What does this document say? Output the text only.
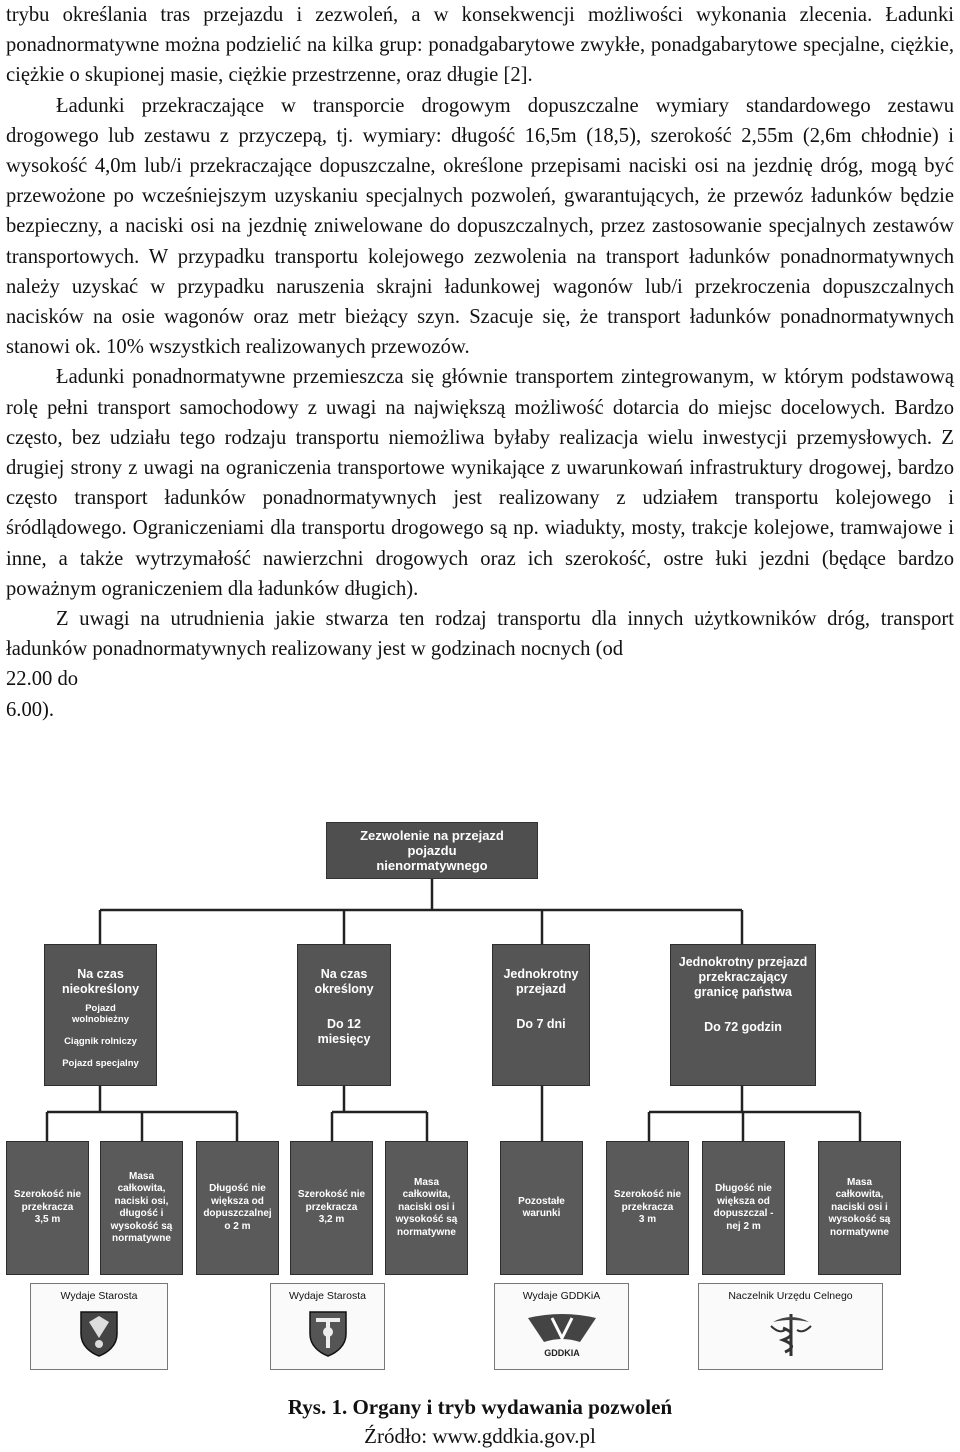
trybu określania tras przejazdu i zezwoleń, a w konsekwencji możliwości wykonania zlecenia. Ładunki ponadnormatywne można podzielić na kilka grup: ponadgabarytowe zwykłe, ponadgabarytowe specjalne, ciężkie, ciężkie o skupionej masie, ciężkie przestrzenne, oraz długie [2].

Ładunki przekraczające w transporcie drogowym dopuszczalne wymiary standardowego zestawu drogowego lub zestawu z przyczepą, tj. wymiary: długość 16,5m (18,5), szerokość 2,55m (2,6m chłodnie) i wysokość 4,0m lub/i przekraczające dopuszczalne, określone przepisami naciski osi na jezdnię dróg, mogą być przewożone po wcześniejszym uzyskaniu specjalnych pozwoleń, gwarantujących, że przewóz ładunków będzie bezpieczny, a naciski osi na jezdnię zniwelowane do dopuszczalnych, przez zastosowanie specjalnych zestawów transportowych. W przypadku transportu kolejowego zezwolenia na transport ładunków ponadnormatywnych należy uzyskać w przypadku naruszenia skrajni ładunkowej wagonów lub/i przekroczenia dopuszczalnych nacisków na osie wagonów oraz metr bieżący szyn. Szacuje się, że transport ładunków ponadnormatywnych stanowi ok. 10% wszystkich realizowanych przewozów.

Ładunki ponadnormatywne przemieszcza się głównie transportem zintegrowanym, w którym podstawową rolę pełni transport samochodowy z uwagi na największą możliwość dotarcia do miejsc docelowych. Bardzo często, bez udziału tego rodzaju transportu niemożliwa byłaby realizacja wielu inwestycji przemysłowych. Z drugiej strony z uwagi na ograniczenia transportowe wynikające z uwarunkowań infrastruktury drogowej, bardzo często transport ładunków ponadnormatywnych jest realizowany z udziałem transportu kolejowego i śródlądowego. Ograniczeniami dla transportu drogowego są np. wiadukty, mosty, trakcje kolejowe, tramwajowe i inne, a także wytrzymałość nawierzchni drogowych oraz ich szerokość, ostre łuki jezdni (będące bardzo poważnym ograniczeniem dla ładunków długich).

Z uwagi na utrudnienia jakie stwarza ten rodzaj transportu dla innych użytkowników dróg, transport ładunków ponadnormatywnych realizowany jest w godzinach nocnych (od

22.00 do

6.00).

Zezwolenie na przejazd
pojazdu
nienormatywnego
Na czas
nieokreślony
Pojazd
wolnobieżny

Ciągnik rolniczy

Pojazd specjalny
Na czas
określony
Do 12
miesięcy
Jednokrotny
przejazd
Do 7 dni
Jednokrotny przejazd
przekraczający
granicę państwa
Do 72 godzin
Szerokość nie
przekracza
3,5 m
Masa
całkowita,
naciski osi,
długość i
wysokość są
normatywne
Długość nie
większa od
dopuszczalnej
o 2 m
Szerokość nie
przekracza
3,2 m
Masa
całkowita,
naciski osi i
wysokość są
normatywne
Pozostałe
warunki
Szerokość nie
przekracza
3 m
Długość nie
większa od
dopuszczal -
nej 2 m
Masa
całkowita,
naciski osi i
wysokość są
normatywne
Wydaje Starosta	Wydaje Starosta	Wydaje GDDKiA
GDDKIA
Naczelnik Urzędu Celnego
Rys. 1. Organy i tryb wydawania pozwoleń
Źródło: www.gddkia.gov.pl
